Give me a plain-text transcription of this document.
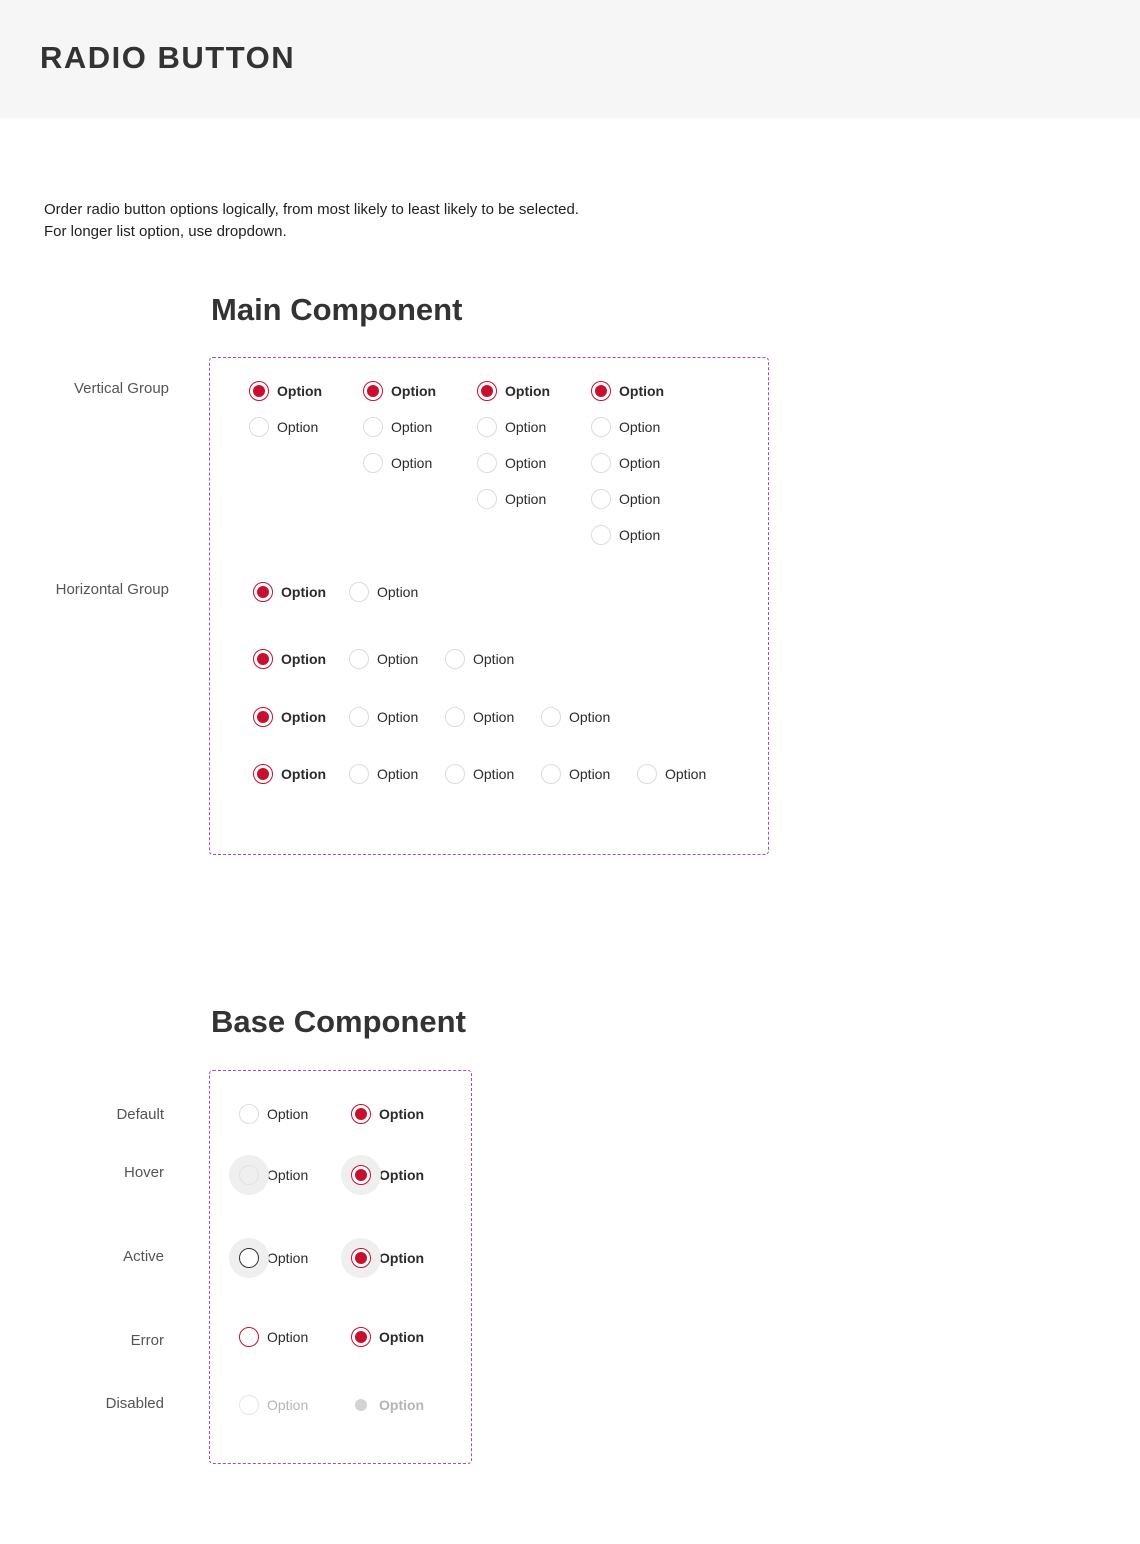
RADIO BUTTON
Order radio button options logically, from most likely to least likely to be selected.
For longer list option, use dropdown.
Main Component
Vertical Group
Horizontal Group
Option
Option
Option
Option
Option
Option
Option
Option
Option
Option
Option
Option
Option
Option
Option	Option
Option	Option	Option
Option	Option	Option	Option
Option	Option	Option	Option	Option
Base Component
Default	Option	Option
Hover	Option	Option
Active	Option	Option
Error	Option	Option
Disabled	Option	Option
